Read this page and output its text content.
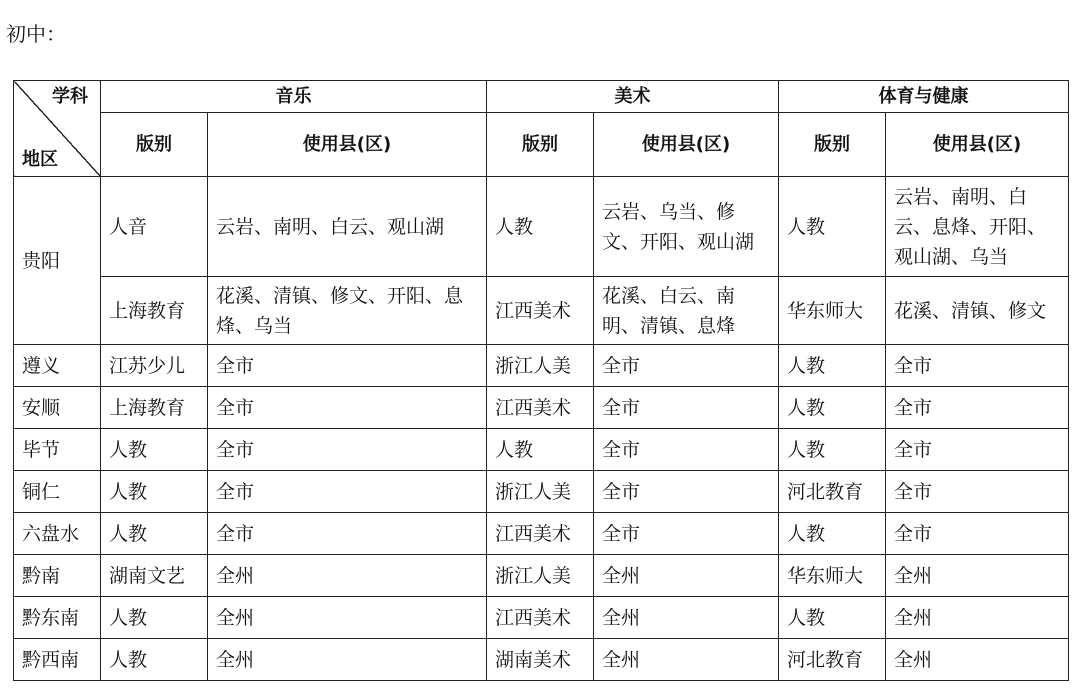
初中：
学科
地区	音乐		美术		体育与健康	
	版别	使用县(区)	版别	使用县(区)	版别	使用县(区)
贵阳	人音	云岩、南明、白云、观山湖	人教	云岩、乌当、修文、开阳、观山湖	人教	云岩、南明、白云、息烽、开阳、观山湖、乌当
	上海教育	花溪、清镇、修文、开阳、息烽、乌当	江西美术	花溪、白云、南明、清镇、息烽	华东师大	花溪、清镇、修文
遵义	江苏少儿	全市	浙江人美	全市	人教	全市
安顺	上海教育	全市	江西美术	全市	人教	全市
毕节	人教	全市	人教	全市	人教	全市
铜仁	人教	全市	浙江人美	全市	河北教育	全市
六盘水	人教	全市	江西美术	全市	人教	全市
黔南	湖南文艺	全州	浙江人美	全州	华东师大	全州
黔东南	人教	全州	江西美术	全州	人教	全州
黔西南	人教	全州	湖南美术	全州	河北教育	全州
